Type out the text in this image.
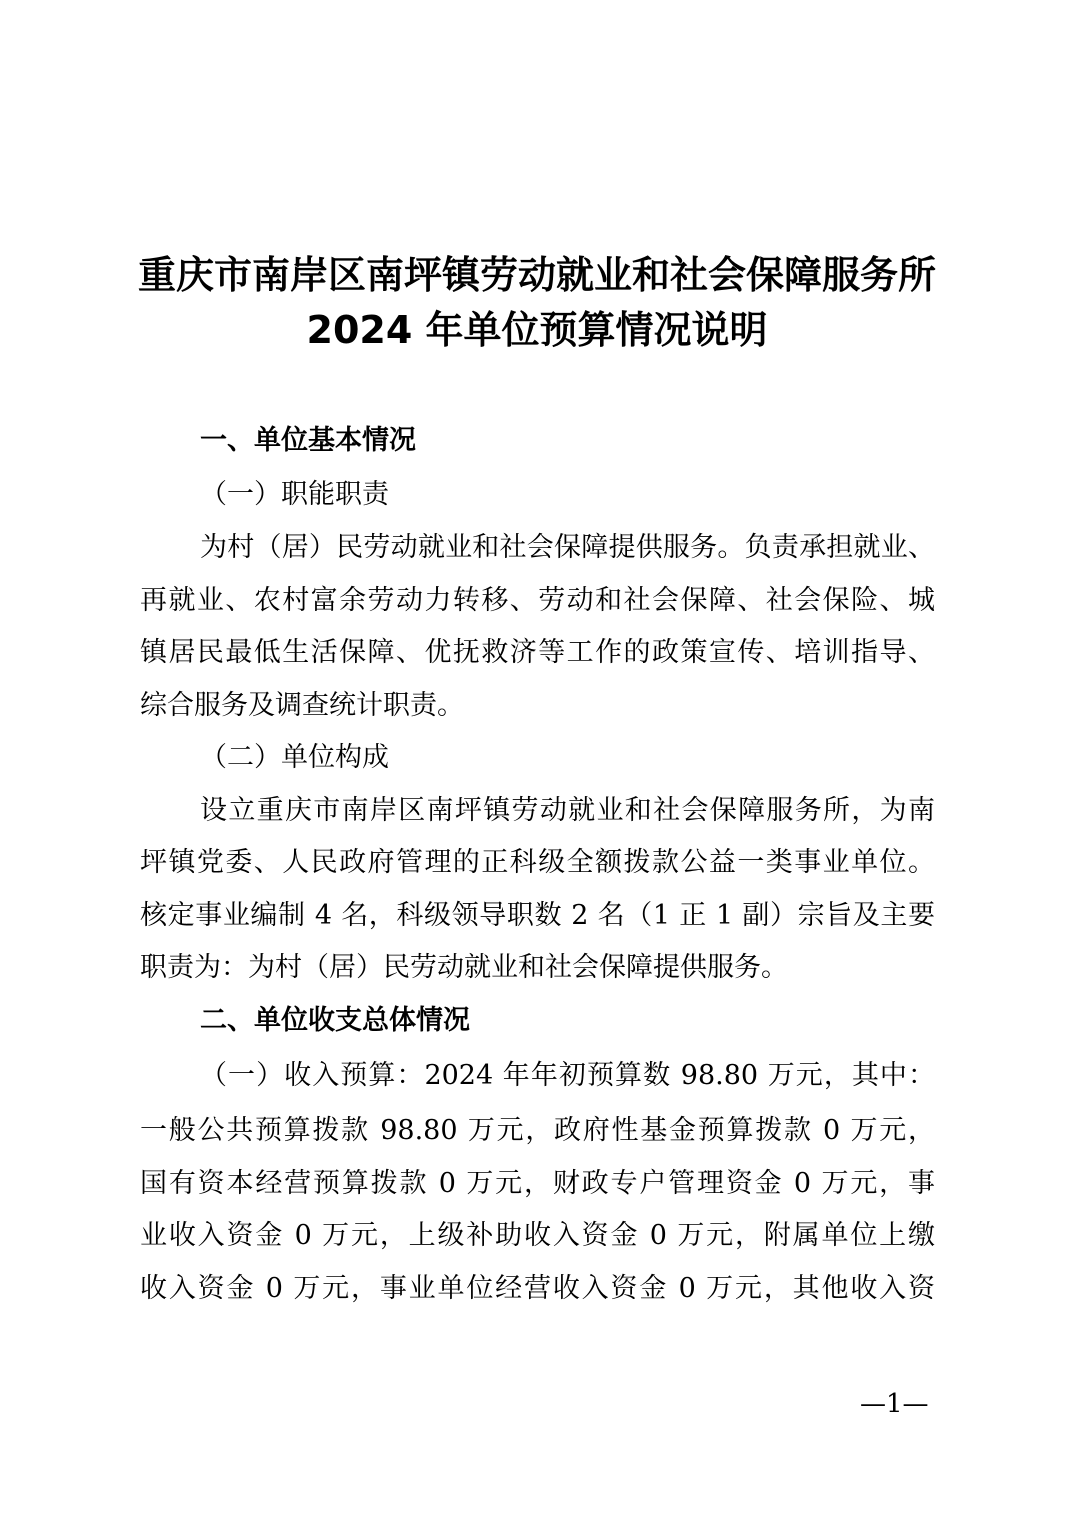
重庆市南岸区南坪镇劳动就业和社会保障服务所
2024 年单位预算情况说明

一、单位基本情况

（一）职能职责

为村（居）民劳动就业和社会保障提供服务。负责承担就业、

再就业、农村富余劳动力转移、劳动和社会保障、社会保险、城

镇居民最低生活保障、优抚救济等工作的政策宣传、培训指导、

综合服务及调查统计职责。

（二）单位构成

设立重庆市南岸区南坪镇劳动就业和社会保障服务所，为南

坪镇党委、人民政府管理的正科级全额拨款公益一类事业单位。

核定事业编制 4 名，科级领导职数 2 名（1 正 1 副）宗旨及主要

职责为：为村（居）民劳动就业和社会保障提供服务。

二、单位收支总体情况

（一）收入预算：2024 年年初预算数 98.80 万元，其中：

一般公共预算拨款 98.80 万元，政府性基金预算拨款 0 万元，

国有资本经营预算拨款 0 万元，财政专户管理资金 0 万元，事

业收入资金 0 万元，上级补助收入资金 0 万元，附属单位上缴

收入资金 0 万元，事业单位经营收入资金 0 万元，其他收入资

—1—
